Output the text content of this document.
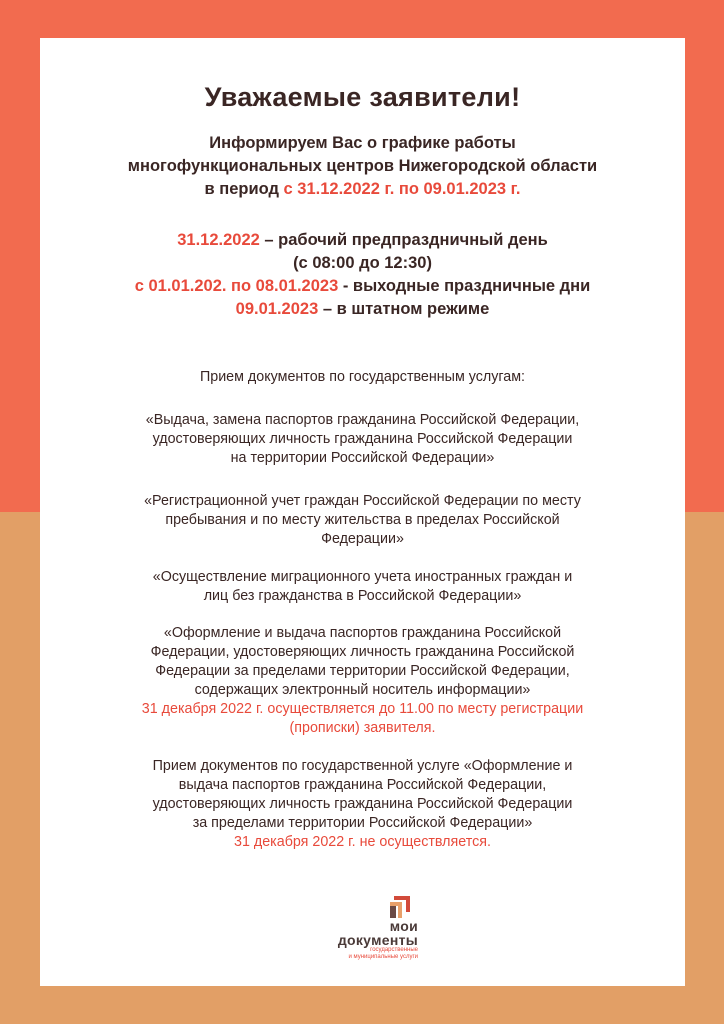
Уважаемые заявители!
Информируем Вас о графике работы
многофункциональных центров Нижегородской области
в период с 31.12.2022 г. по 09.01.2023 г.
31.12.2022 – рабочий предпраздничный день
(с 08:00 до 12:30)
с 01.01.202. по 08.01.2023 - выходные праздничные дни
09.01.2023 – в штатном режиме

Прием документов по государственным услугам:

«Выдача, замена паспортов гражданина Российской Федерации,

удостоверяющих личность гражданина Российской Федерации

на территории Российской Федерации»

«Регистрационной учет граждан Российской Федерации по месту

пребывания и по месту жительства в пределах Российской

Федерации»

«Осуществление миграционного учета иностранных граждан и

лиц без гражданства в Российской Федерации»

«Оформление и выдача паспортов гражданина Российской

Федерации, удостоверяющих личность гражданина Российской

Федерации за пределами территории Российской Федерации,

содержащих электронный носитель информации»

31 декабря 2022 г. осуществляется до 11.00 по месту регистрации

(прописки) заявителя.

Прием документов по государственной услуге «Оформление и

выдача паспортов гражданина Российской Федерации,

удостоверяющих личность гражданина Российской Федерации

за пределами территории Российской Федерации»

31 декабря 2022 г. не осуществляется.

мои
документы
государственные
и муниципальные услуги
